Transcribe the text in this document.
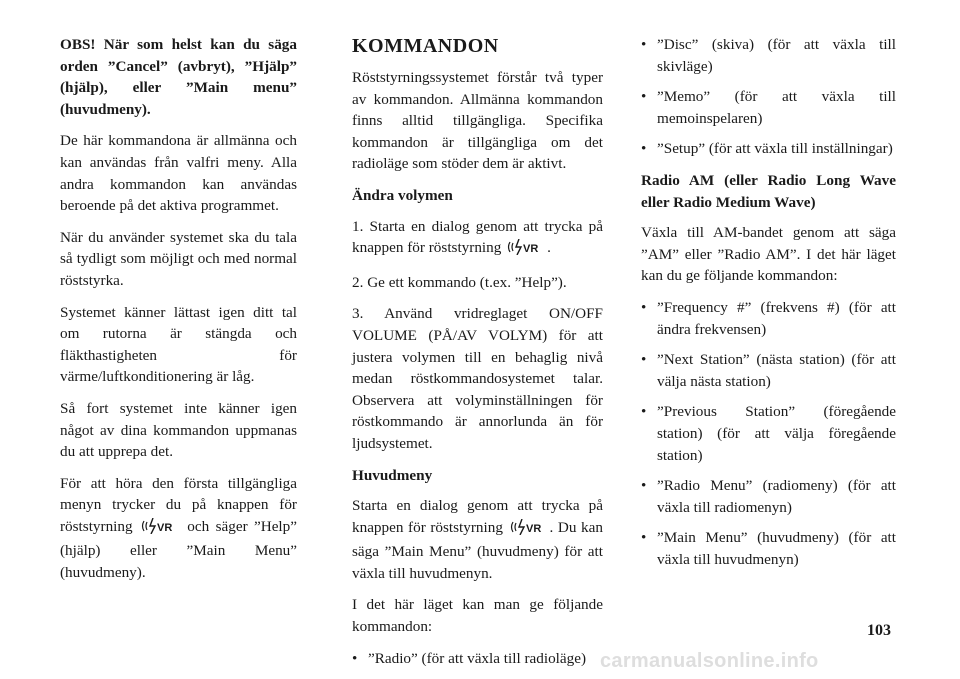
OBS! När som helst kan du säga orden ”Cancel” (avbryt), ”Hjälp” (hjälp), eller ”Main menu” (huvudmeny).

De här kommandona är allmänna och kan användas från valfri meny. Alla andra kommandon kan användas beroende på det aktiva programmet.

När du använder systemet ska du tala så tydligt som möjligt och med normal röststyrka.

Systemet känner lättast igen ditt tal om rutorna är stängda och fläkthastigheten för värme/luftkonditionering är låg.

Så fort systemet inte känner igen något av dina kommandon uppmanas du att upprepa det.

För att höra den första tillgängliga menyn trycker du på knappen för röststyrning VR och säger ”Help” (hjälp) eller ”Main Menu” (huvudmeny).

KOMMANDON

Röststyrningssystemet förstår två typer av kommandon. Allmänna kommandon finns alltid tillgängliga. Specifika kommandon är tillgängliga om det radioläge som stöder dem är aktivt.

Ändra volymen

1. Starta en dialog genom att trycka på knappen för röststyrning VR .

2. Ge ett kommando (t.ex. ”Help”).

3. Använd vridreglaget ON/OFF VOLUME (PÅ/AV VOLYM) för att justera volymen till en behaglig nivå medan röstkommandosystemet talar. Observera att volyminställningen för röstkommando är annorlunda än för ljudsystemet.

Huvudmeny

Starta en dialog genom att trycka på knappen för röststyrning VR . Du kan säga ”Main Menu” (huvudmeny) för att växla till huvudmenyn.

I det här läget kan man ge följande kommandon:

• ”Radio” (för att växla till radioläge)
• ”Disc” (skiva) (för att växla till skivläge)
• ”Memo” (för att växla till memoinspelaren)
• ”Setup” (för att växla till inställningar)
Radio AM (eller Radio Long Wave eller Radio Medium Wave)

Växla till AM-bandet genom att säga ”AM” eller ”Radio AM”. I det här läget kan du ge följande kommandon:

• ”Frequency #” (frekvens #) (för att ändra frekvensen)
• ”Next Station” (nästa station) (för att välja nästa station)
• ”Previous Station” (föregående station) (för att välja föregående station)
• ”Radio Menu” (radiomeny) (för att växla till radiomenyn)
• ”Main Menu” (huvudmeny) (för att växla till huvudmenyn)
103
carmanualsonline.info
